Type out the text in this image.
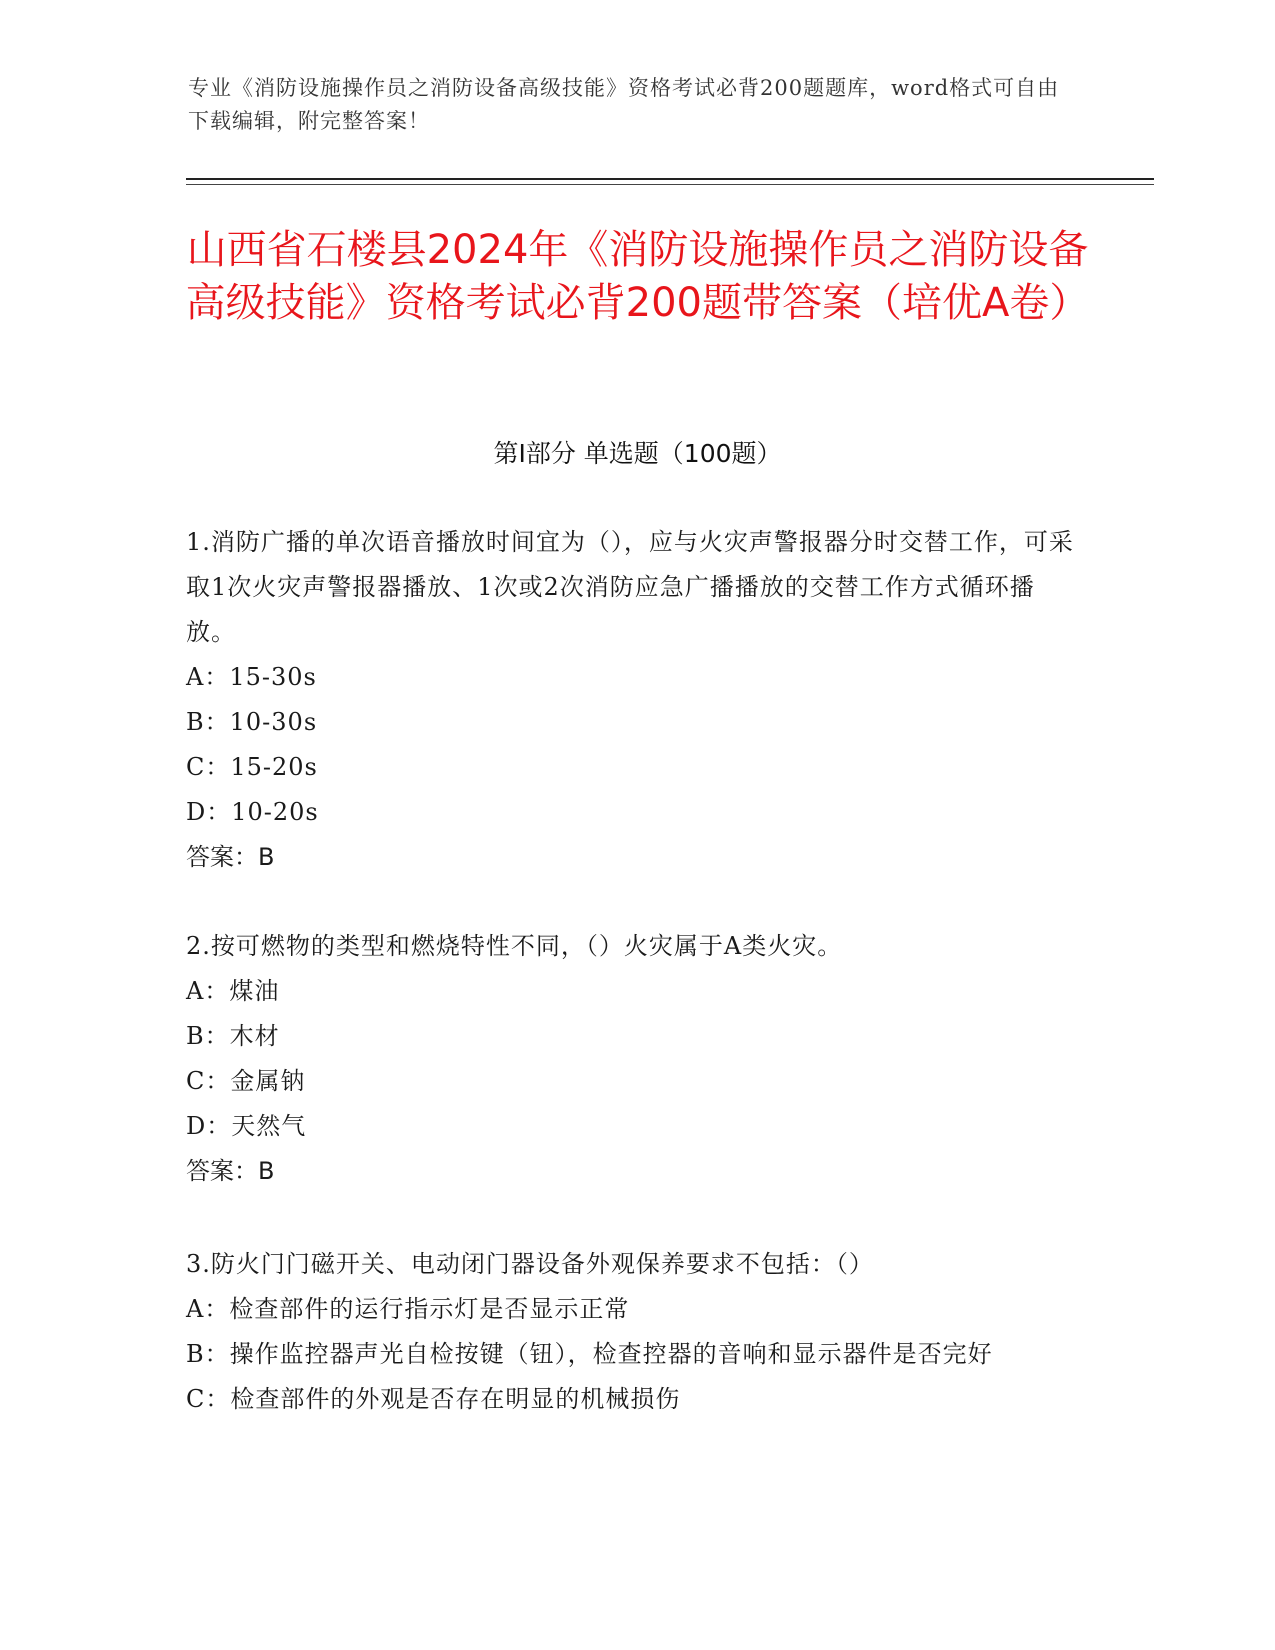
专业《消防设施操作员之消防设备高级技能》资格考试必背200题题库，word格式可自由下载编辑，附完整答案！
山西省石楼县2024年《消防设施操作员之消防设备高级技能》资格考试必背200题带答案（培优A卷）
第I部分 单选题（100题）

1.消防广播的单次语音播放时间宜为（），应与火灾声警报器分时交替工作，可采取1次火灾声警报器播放、1次或2次消防应急广播播放的交替工作方式循环播放。

A：15-30s

B：10-30s

C：15-20s

D：10-20s

答案：B

2.按可燃物的类型和燃烧特性不同，（）火灾属于A类火灾。

A：煤油

B：木材

C：金属钠

D：天然气

答案：B

3.防火门门磁开关、电动闭门器设备外观保养要求不包括：（）

A：检查部件的运行指示灯是否显示正常

B：操作监控器声光自检按键（钮），检查控器的音响和显示器件是否完好

C：检查部件的外观是否存在明显的机械损伤
